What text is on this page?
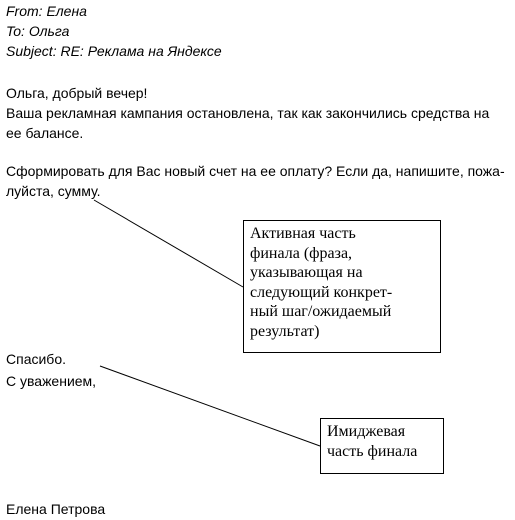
From: Елена

To: Ольга

Subject: RE: Реклама на Яндексе

Ольга, добрый вечер!

Ваша рекламная кампания остановлена, так как закончились средства на

ее балансе.

Сформировать для Вас новый счет на ее оплату? Если да, напишите, пожа-

луйста, сумму.

Спасибо.

С уважением,

Елена Петрова

Активная часть
финала (фраза,
указывающая на
следующий конкрет-
ный шаг/ожидаемый
результат)
Имиджевая
часть финала
